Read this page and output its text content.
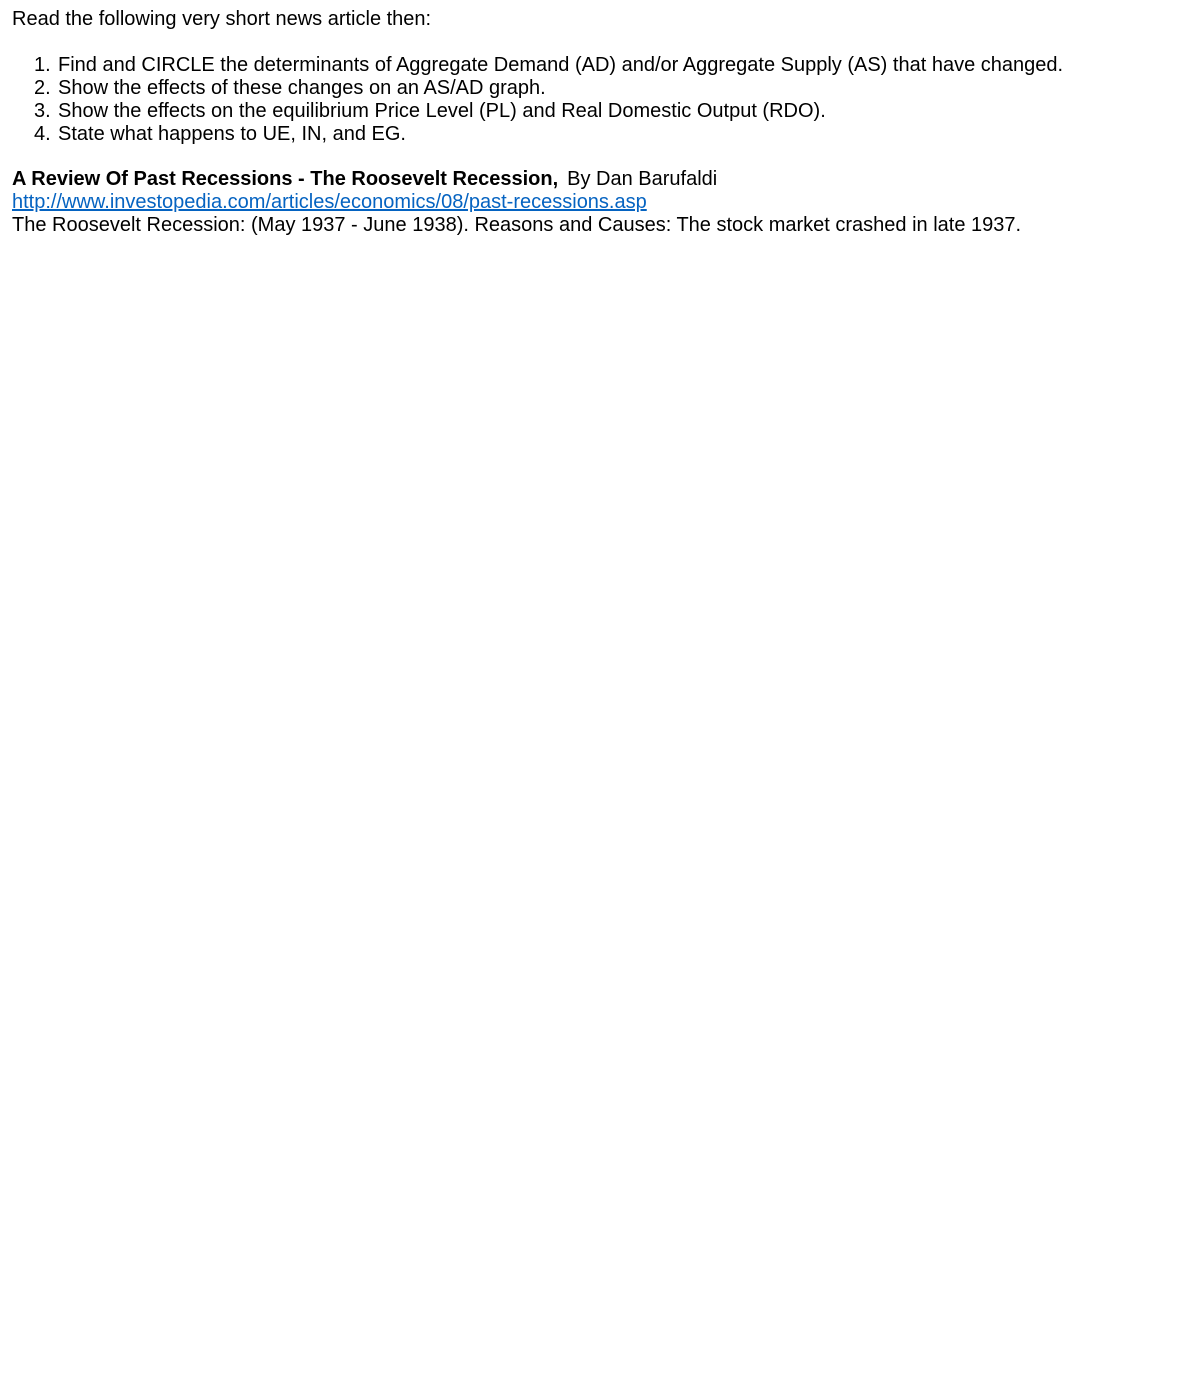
Read the following very short news article then:

1. Find and CIRCLE the determinants of Aggregate Demand (AD) and/or Aggregate Supply (AS) that have changed.
2. Show the effects of these changes on an AS/AD graph.
3. Show the effects on the equilibrium Price Level (PL) and Real Domestic Output (RDO).
4. State what happens to UE, IN, and EG.
A Review Of Past Recessions - The Roosevelt Recession, By Dan Barufaldi
http://www.investopedia.com/articles/economics/08/past-recessions.asp

The Roosevelt Recession: (May 1937 - June 1938). Reasons and Causes: The stock market crashed in late 1937.
